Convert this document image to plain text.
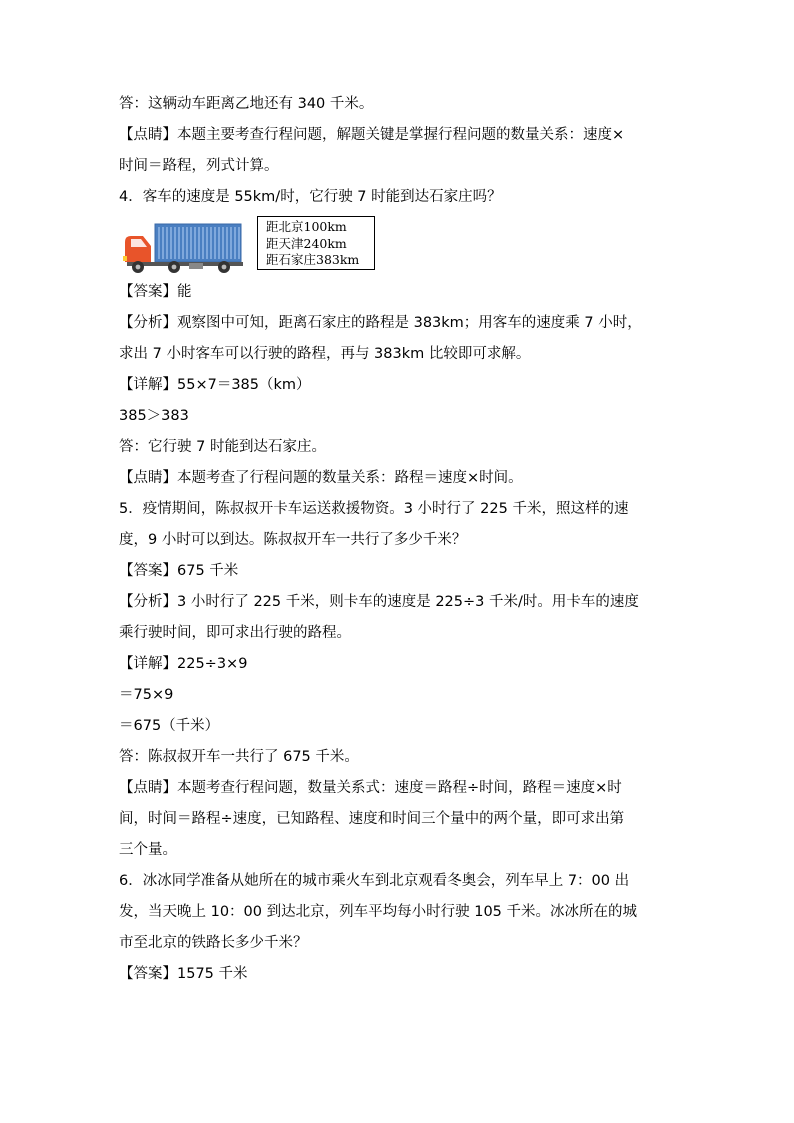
答：这辆动车距离乙地还有 340 千米。
【点睛】本题主要考查行程问题，解题关键是掌握行程问题的数量关系：速度×
时间＝路程，列式计算。
4．客车的速度是 55km/时，它行驶 7 时能到达石家庄吗？
距北京100km
距天津240km
距石家庄383km
【答案】能
【分析】观察图中可知，距离石家庄的路程是 383km；用客车的速度乘 7 小时，
求出 7 小时客车可以行驶的路程，再与 383km 比较即可求解。
【详解】55×7＝385（km）
385＞383
答：它行驶 7 时能到达石家庄。
【点睛】本题考查了行程问题的数量关系：路程＝速度×时间。
5．疫情期间，陈叔叔开卡车运送救援物资。3 小时行了 225 千米，照这样的速
度，9 小时可以到达。陈叔叔开车一共行了多少千米？
【答案】675 千米
【分析】3 小时行了 225 千米，则卡车的速度是 225÷3 千米/时。用卡车的速度
乘行驶时间，即可求出行驶的路程。
【详解】225÷3×9
＝75×9
＝675（千米）
答：陈叔叔开车一共行了 675 千米。
【点睛】本题考查行程问题，数量关系式：速度＝路程÷时间，路程＝速度×时
间，时间＝路程÷速度，已知路程、速度和时间三个量中的两个量，即可求出第
三个量。
6．冰冰同学准备从她所在的城市乘火车到北京观看冬奥会，列车早上 7：00 出
发，当天晚上 10：00 到达北京，列车平均每小时行驶 105 千米。冰冰所在的城
市至北京的铁路长多少千米？
【答案】1575 千米
